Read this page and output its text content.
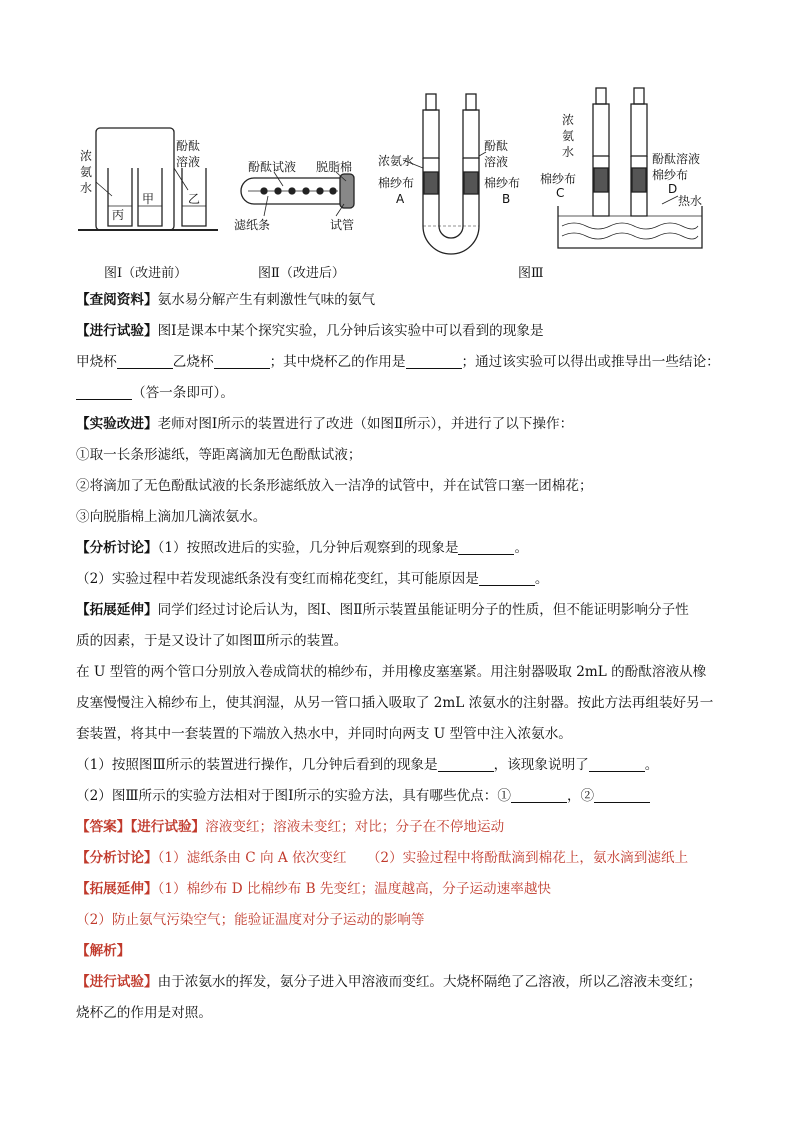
浓
氨
水
酚酞
溶液
丙
甲	乙
图Ⅰ（改进前）
酚酞试液 脱脂棉
滤纸条	试管
图Ⅱ（改进后）
浓氨水
棉纱布
A
酚酞
溶液
棉纱布
B
浓
氨
水
棉纱布
C
酚酞溶液
棉纱布
D
热水
图Ⅲ
【查阅资料】氨水易分解产生有刺激性气味的氨气
【进行试验】图Ⅰ是课本中某个探究实验，几分钟后该实验中可以看到的现象是
甲烧杯	乙烧杯	；其中烧杯乙的作用是	；通过该实验可以得出或推导出一些结论：
（答一条即可）。
【实验改进】老师对图Ⅰ所示的装置进行了改进（如图Ⅱ所示），并进行了以下操作：
①取一长条形滤纸，等距离滴加无色酚酞试液；
②将滴加了无色酚酞试液的长条形滤纸放入一洁净的试管中，并在试管口塞一团棉花；
③向脱脂棉上滴加几滴浓氨水。
【分析讨论】（1）按照改进后的实验，几分钟后观察到的现象是	。
（2）实验过程中若发现滤纸条没有变红而棉花变红，其可能原因是	。
【拓展延伸】同学们经过讨论后认为，图Ⅰ、图Ⅱ所示装置虽能证明分子的性质，但不能证明影响分子性
质的因素，于是又设计了如图Ⅲ所示的装置。
在 U 型管的两个管口分别放入卷成筒状的棉纱布，并用橡皮塞塞紧。用注射器吸取 2mL 的酚酞溶液从橡
皮塞慢慢注入棉纱布上，使其润湿，从另一管口插入吸取了 2mL 浓氨水的注射器。按此方法再组装好另一
套装置，将其中一套装置的下端放入热水中，并同时向两支 U 型管中注入浓氨水。
（1）按照图Ⅲ所示的装置进行操作，几分钟后看到的现象是	，该现象说明了	。
（2）图Ⅲ所示的实验方法相对于图Ⅰ所示的实验方法，具有哪些优点：①	，②
【答案】【进行试验】溶液变红；溶液未变红；对比；分子在不停地运动
【分析讨论】（1）滤纸条由 C 向 A 依次变红　　（2）实验过程中将酚酞滴到棉花上，氨水滴到滤纸上
【拓展延伸】（1）棉纱布 D 比棉纱布 B 先变红；温度越高，分子运动速率越快
（2）防止氨气污染空气；能验证温度对分子运动的影响等
【解析】
【进行试验】由于浓氨水的挥发，氨分子进入甲溶液而变红。大烧杯隔绝了乙溶液，所以乙溶液未变红；
烧杯乙的作用是对照。
